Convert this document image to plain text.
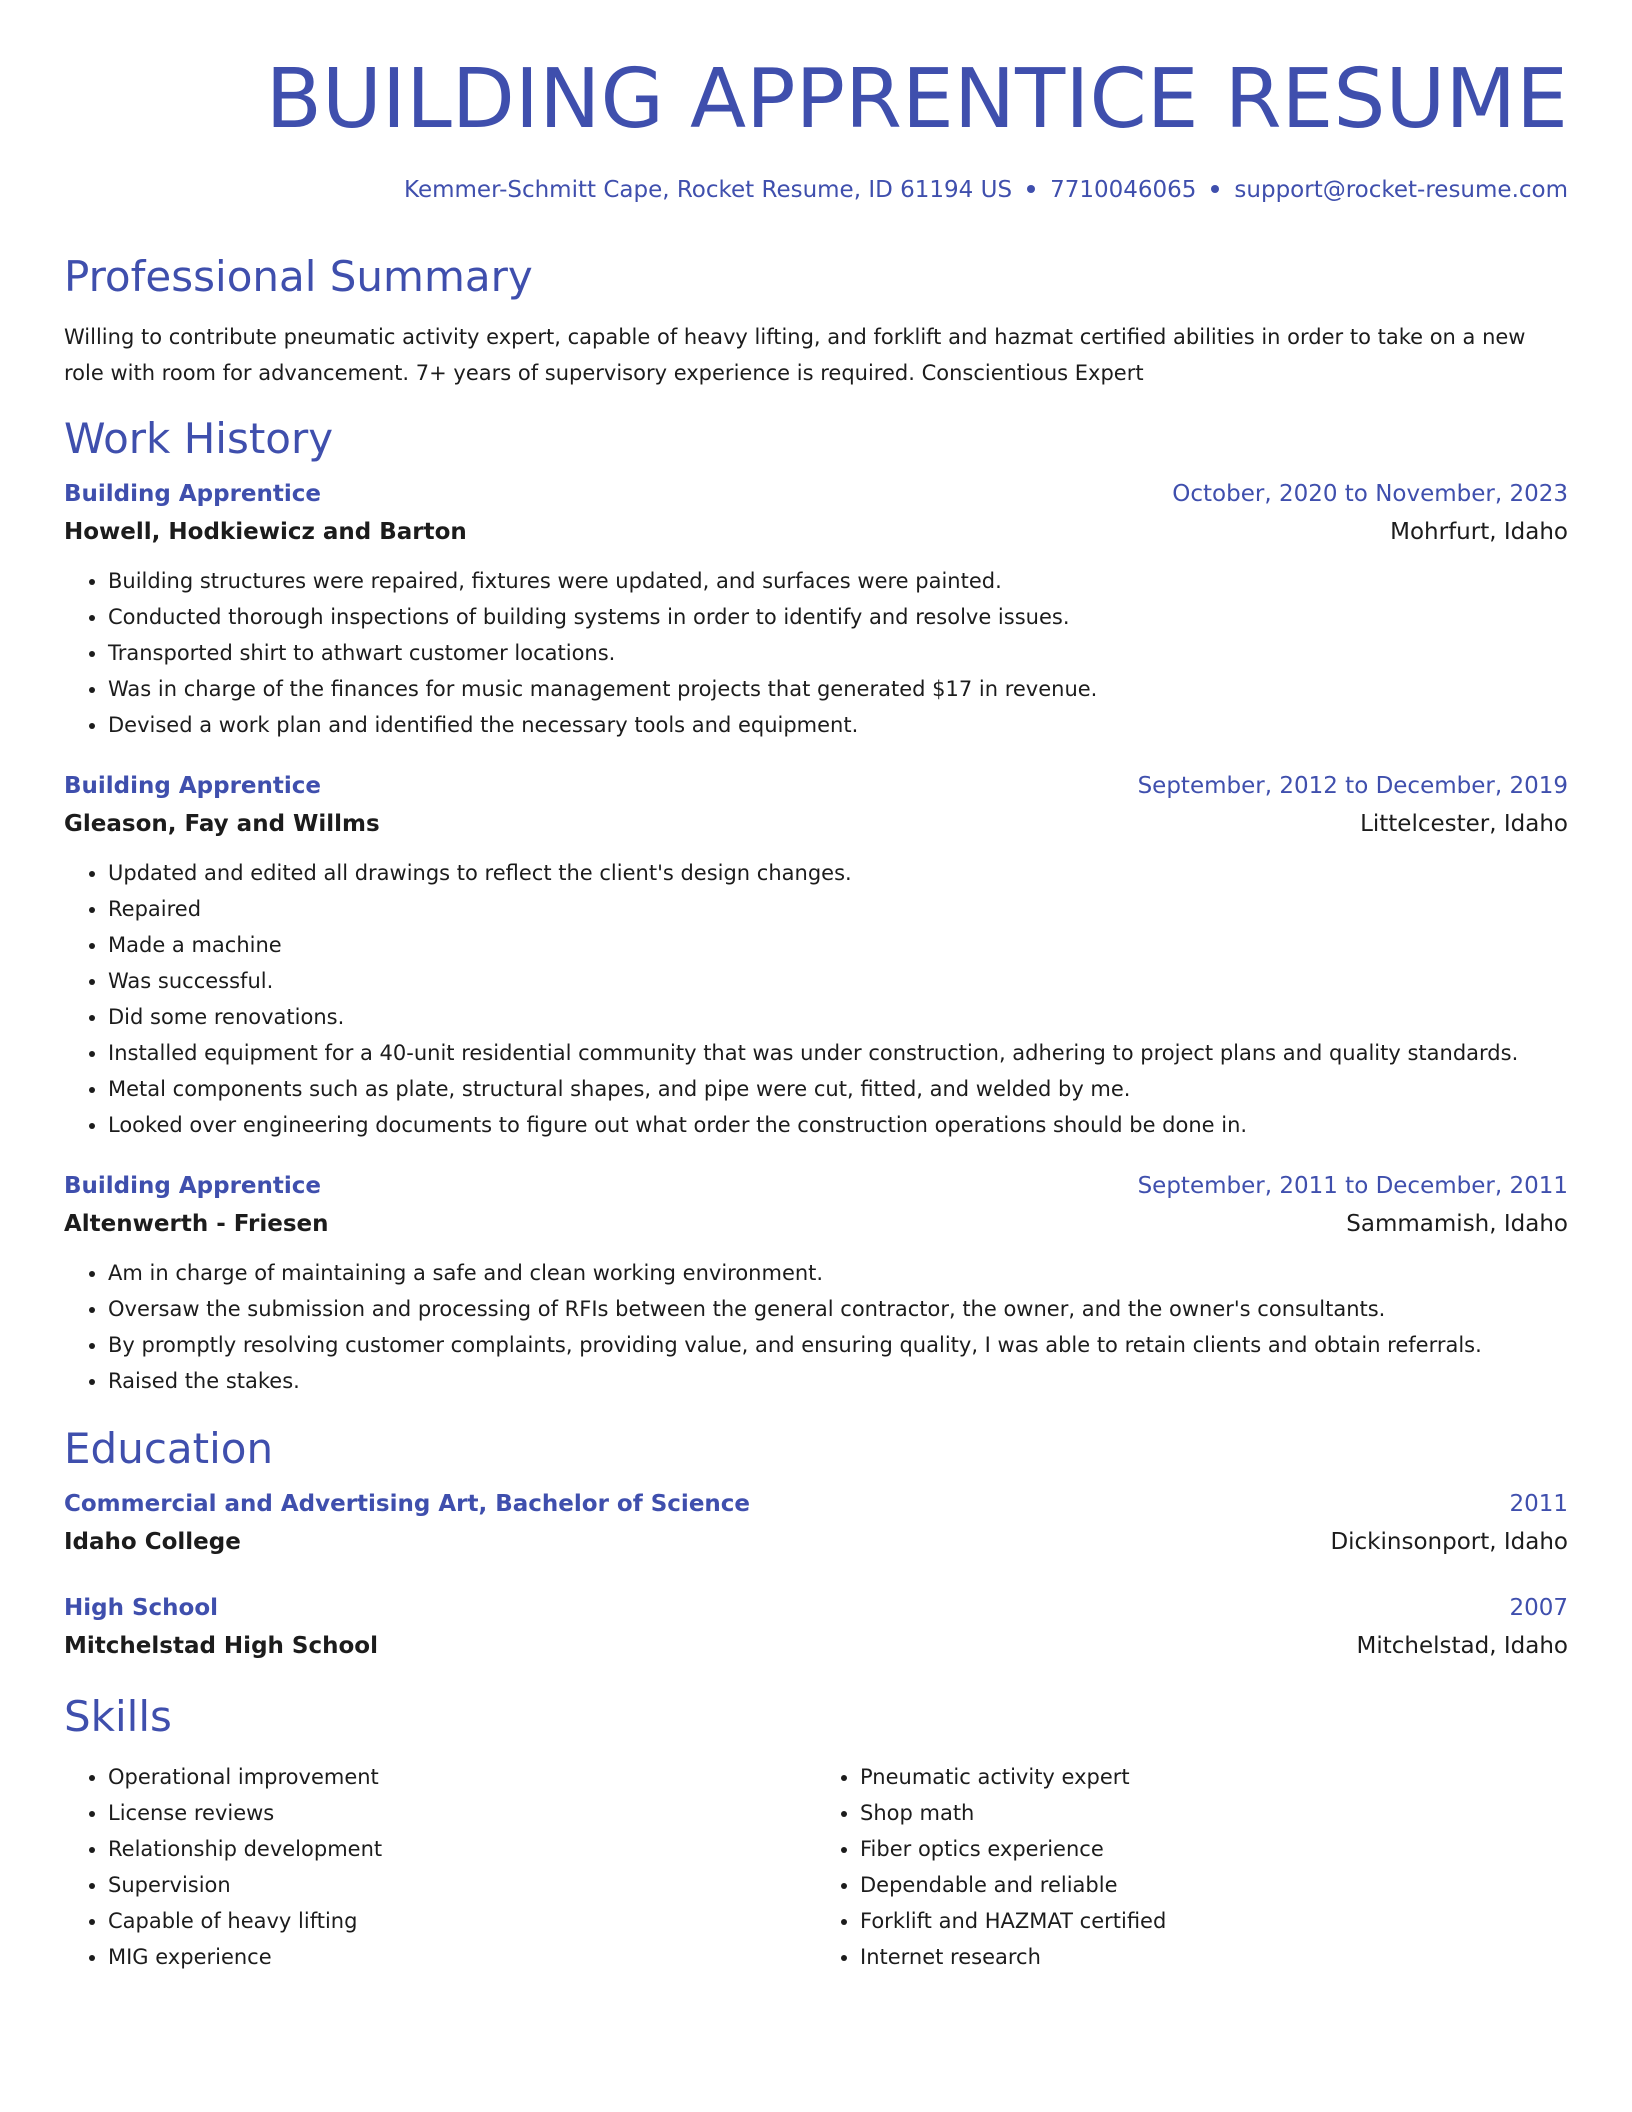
BUILDING APPRENTICE RESUME
Kemmer-Schmitt Cape, Rocket Resume, ID 61194 US 7710046065 support@rocket-resume.com
Professional Summary
Willing to contribute pneumatic activity expert, capable of heavy lifting, and forklift and hazmat certified abilities in order to take on a new role with room for advancement. 7+ years of supervisory experience is required. Conscientious Expert
Work History
Building Apprentice	October, 2020 to November, 2023
Howell, Hodkiewicz and Barton	Mohrfurt, Idaho
• Building structures were repaired, fixtures were updated, and surfaces were painted.
• Conducted thorough inspections of building systems in order to identify and resolve issues.
• Transported shirt to athwart customer locations.
• Was in charge of the finances for music management projects that generated $17 in revenue.
• Devised a work plan and identified the necessary tools and equipment.
Building Apprentice	September, 2012 to December, 2019
Gleason, Fay and Willms	Littelcester, Idaho
• Updated and edited all drawings to reflect the client's design changes.
• Repaired
• Made a machine
• Was successful.
• Did some renovations.
• Installed equipment for a 40-unit residential community that was under construction, adhering to project plans and quality standards.
• Metal components such as plate, structural shapes, and pipe were cut, fitted, and welded by me.
• Looked over engineering documents to figure out what order the construction operations should be done in.
Building Apprentice	September, 2011 to December, 2011
Altenwerth - Friesen	Sammamish, Idaho
• Am in charge of maintaining a safe and clean working environment.
• Oversaw the submission and processing of RFIs between the general contractor, the owner, and the owner's consultants.
• By promptly resolving customer complaints, providing value, and ensuring quality, I was able to retain clients and obtain referrals.
• Raised the stakes.
Education
Commercial and Advertising Art, Bachelor of Science	2011
Idaho College	Dickinsonport, Idaho
High School	2007
Mitchelstad High School	Mitchelstad, Idaho
Skills
• Operational improvement
• License reviews
• Relationship development
• Supervision
• Capable of heavy lifting
• MIG experience
• Pneumatic activity expert
• Shop math
• Fiber optics experience
• Dependable and reliable
• Forklift and HAZMAT certified
• Internet research
